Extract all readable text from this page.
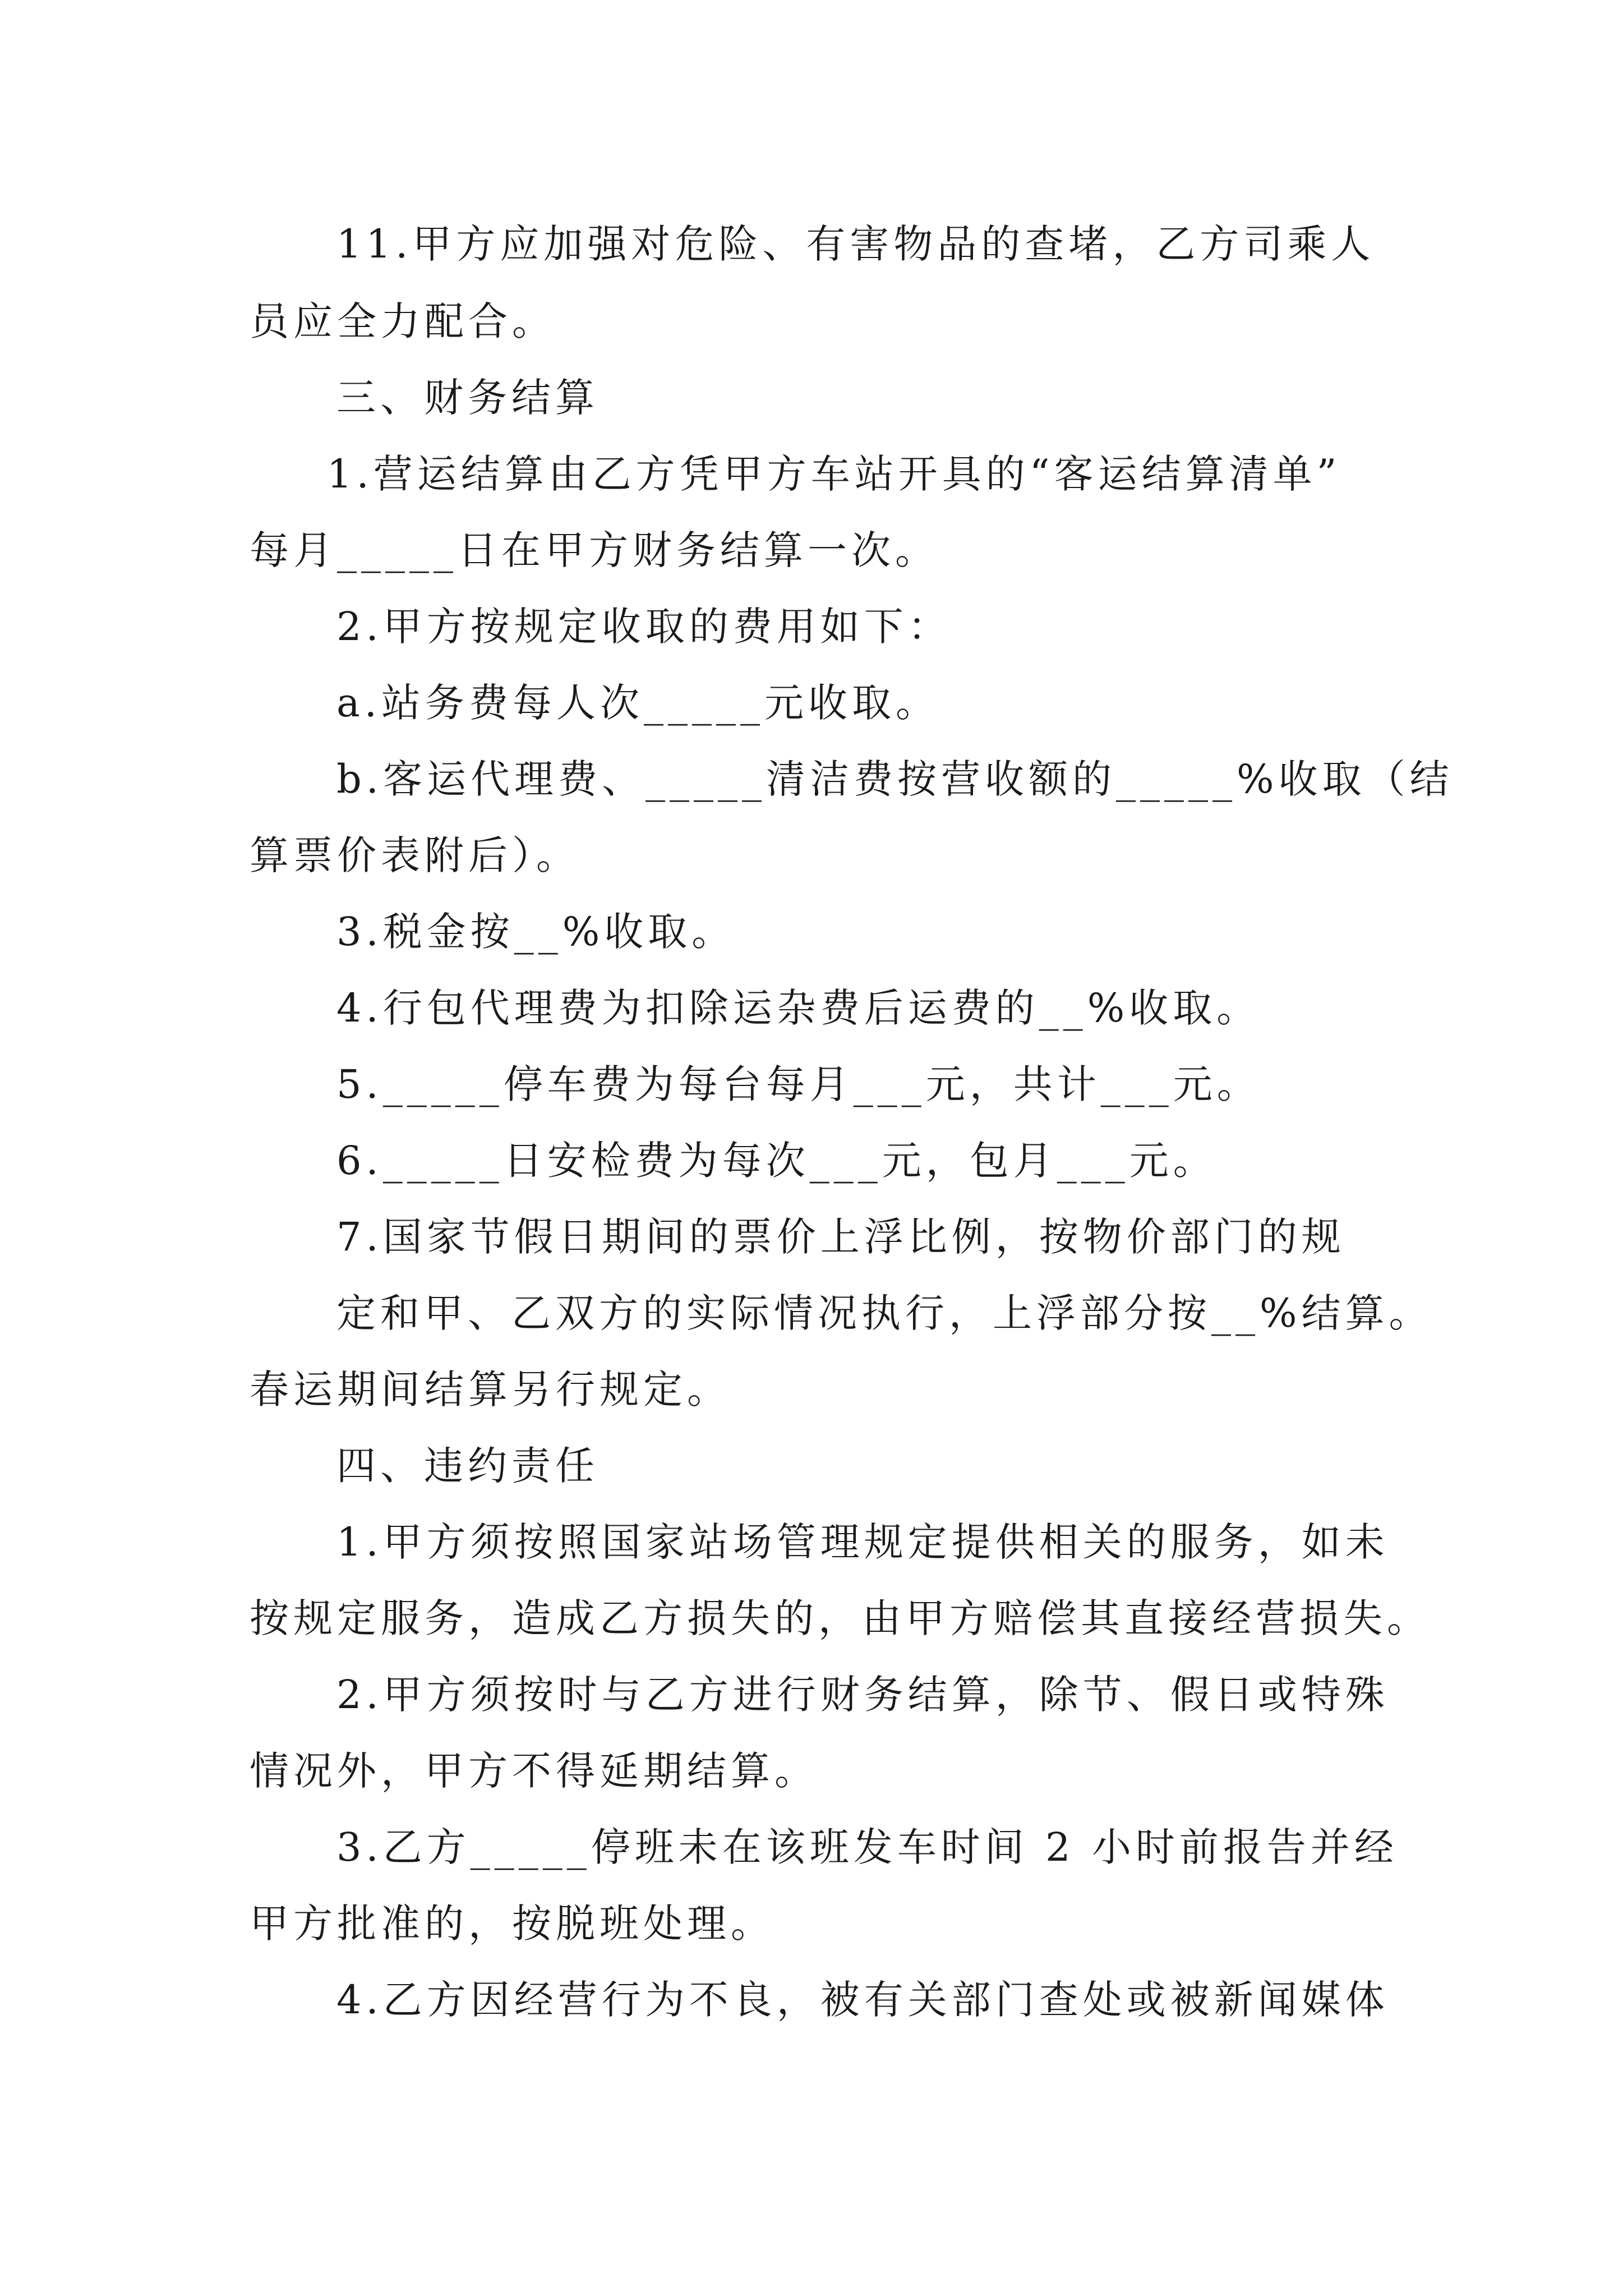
11.甲方应加强对危险、有害物品的查堵，乙方司乘人
员应全力配合。
三、财务结算
1.营运结算由乙方凭甲方车站开具的“客运结算清单”
每月_____日在甲方财务结算一次。
2.甲方按规定收取的费用如下：
a.站务费每人次_____元收取。
b.客运代理费、_____清洁费按营收额的_____%收取（结
算票价表附后）。
3.税金按__%收取。
4.行包代理费为扣除运杂费后运费的__%收取。
5._____停车费为每台每月___元，共计___元。
6._____日安检费为每次___元，包月___元。
7.国家节假日期间的票价上浮比例，按物价部门的规
定和甲、乙双方的实际情况执行，上浮部分按__%结算。
春运期间结算另行规定。
四、违约责任
1.甲方须按照国家站场管理规定提供相关的服务，如未
按规定服务，造成乙方损失的，由甲方赔偿其直接经营损失。
2.甲方须按时与乙方进行财务结算，除节、假日或特殊
情况外，甲方不得延期结算。
3.乙方_____停班未在该班发车时间 2 小时前报告并经
甲方批准的，按脱班处理。
4.乙方因经营行为不良，被有关部门查处或被新闻媒体
